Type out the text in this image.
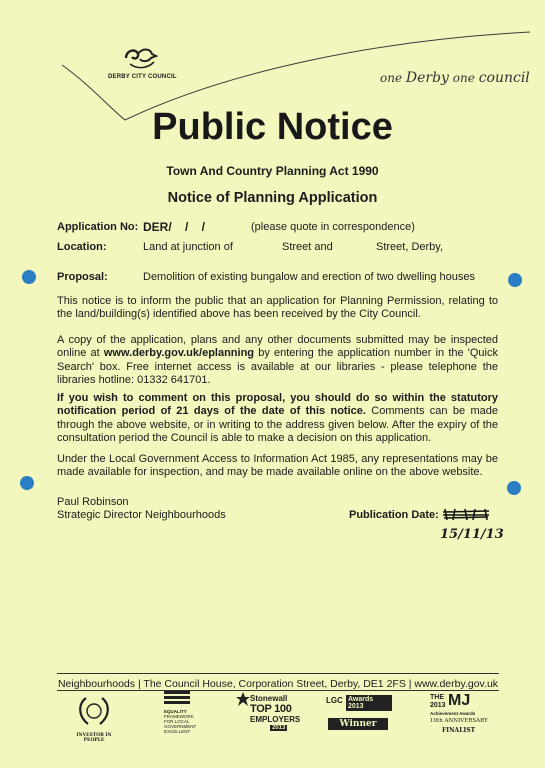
DERBY CITY COUNCIL	one Derby one council
Public Notice
Town And Country Planning Act 1990
Notice of Planning Application
Application No: DER/    /    /	(please quote in correspondence)
Location:	Land at junction of	Street and	Street, Derby,
Proposal:	Demolition of existing bungalow and erection of two dwelling houses
This notice is to inform the public that an application for Planning Permission, relating to the land/building(s) identified above has been received by the City Council.
A copy of the application, plans and any other documents submitted may be inspected online at www.derby.gov.uk/eplanning by entering the application number in the 'Quick Search' box. Free internet access is available at our libraries - please telephone the libraries hotline: 01332 641701.
If you wish to comment on this proposal, you should do so within the statutory notification period of 21 days of the date of this notice. Comments can be made through the above website, or in writing to the address given below. After the expiry of the consultation period the Council is able to make a decision on this application.
Under the Local Government Access to Information Act 1985, any representations may be made available for inspection, and may be made available online on the above website.
Paul Robinson
Strategic Director Neighbourhoods	Publication Date:
15/11/13
Neighbourhoods | The Council House, Corporation Street, Derby, DE1 2FS | www.derby.gov.uk
INVESTOR IN PEOPLE
EQUALITY
FRAMEWORK
FOR LOCAL
GOVERNMENT
EXCELLENT
Stonewall
TOP 100
EMPLOYERS
2013
LGC Awards 2013
Winner
THE MJ
2013
Achievement Awards
10th ANNIVERSARY
FINALIST
